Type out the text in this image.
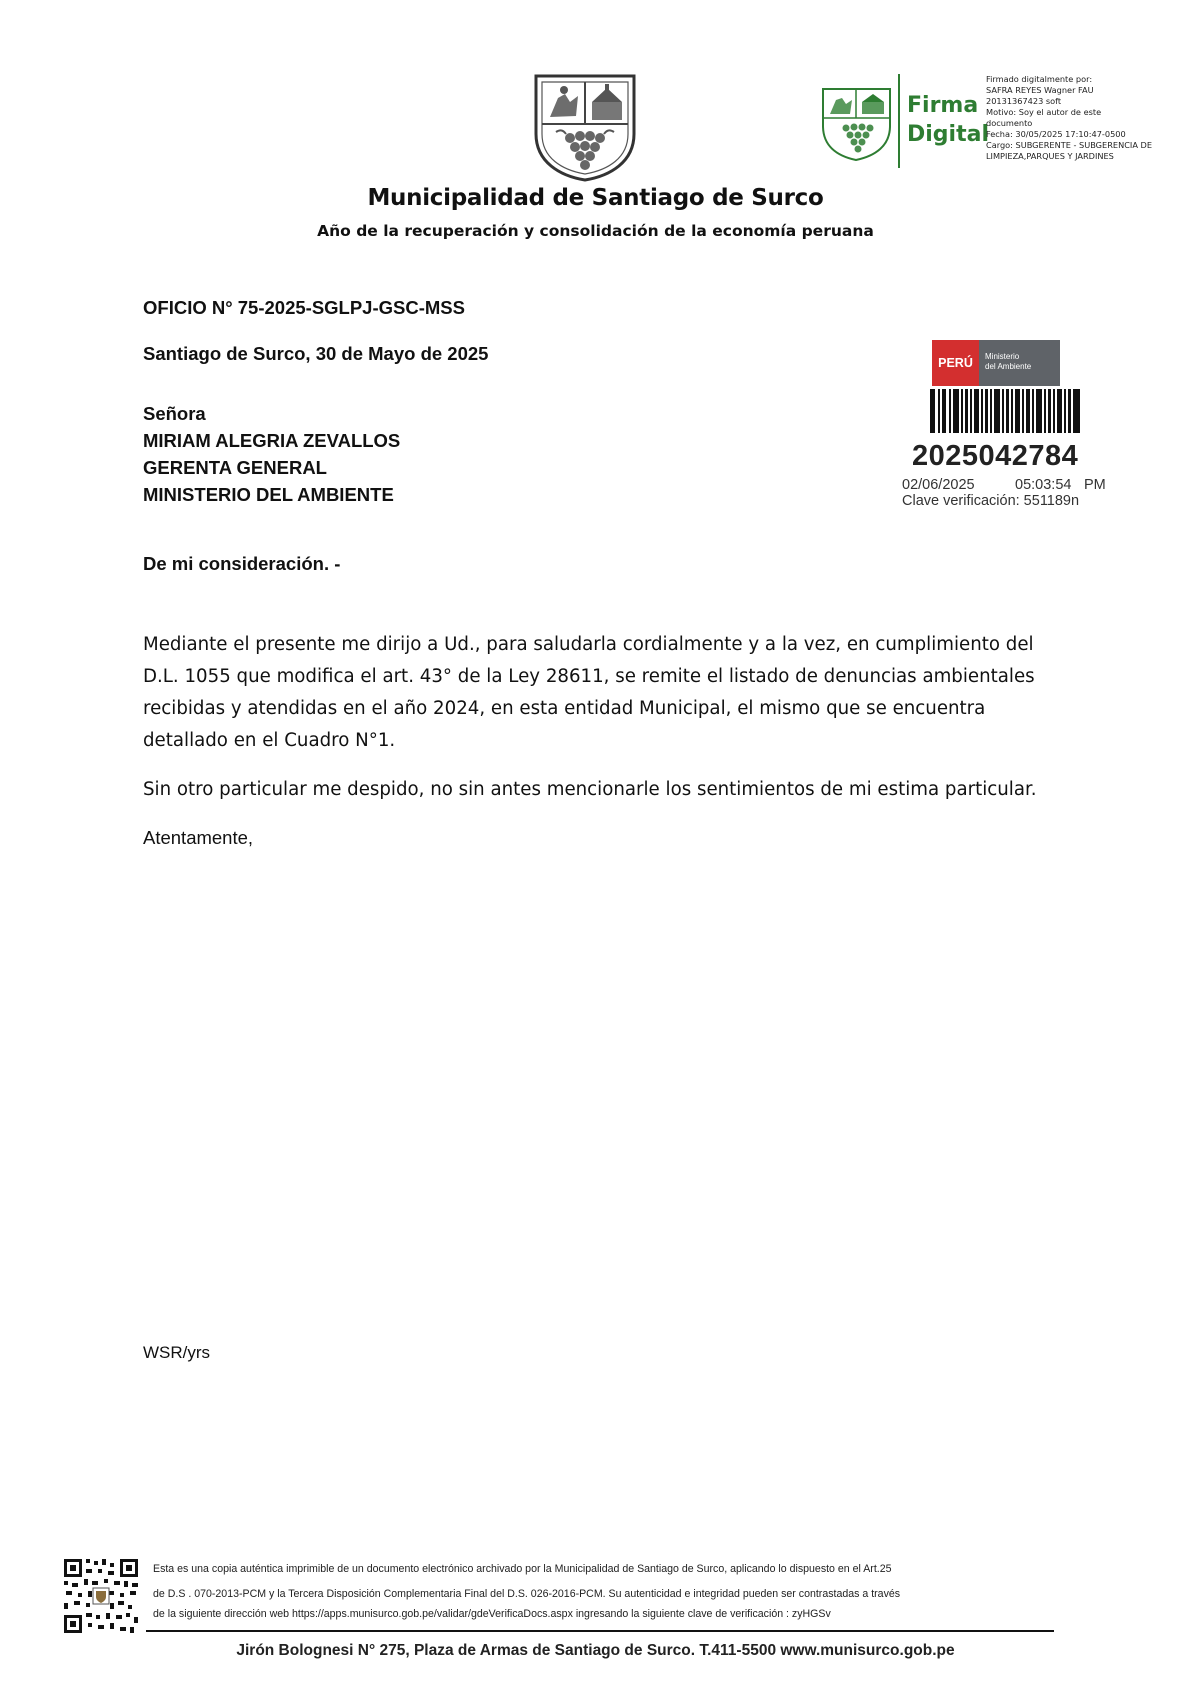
Municipalidad de Santiago de Surco
Año de la recuperación y consolidación de la economía peruana
Firma
Digital
Firmado digitalmente por:
SAFRA REYES Wagner FAU
20131367423 soft
Motivo: Soy el autor de este
documento
Fecha: 30/05/2025 17:10:47-0500
Cargo: SUBGERENTE - SUBGERENCIA DE
LIMPIEZA,PARQUES Y JARDINES
OFICIO N° 75-2025-SGLPJ-GSC-MSS
Santiago de Surco, 30 de Mayo de 2025
Señora
MIRIAM ALEGRIA ZEVALLOS
GERENTA GENERAL
MINISTERIO DEL AMBIENTE
De mi consideración. -
Mediante el presente me dirijo a Ud., para saludarla cordialmente y a la vez, en cumplimiento del
D.L. 1055 que modifica el art. 43° de la Ley 28611, se remite el listado de denuncias ambientales
recibidas y atendidas en el año 2024, en esta entidad Municipal, el mismo que se encuentra
detallado en el Cuadro N°1.
Sin otro particular me despido, no sin antes mencionarle los sentimientos de mi estima particular.
Atentamente,
WSR/yrs
PERÚ	Ministerio
del Ambiente
2025042784
02/06/2025	05:03:54 PM
Clave verificación: 551189n
Esta es una copia auténtica imprimible de un documento electrónico archivado por la Municipalidad de Santiago de Surco, aplicando lo dispuesto en el Art.25
de D.S . 070-2013-PCM y la Tercera Disposición Complementaria Final del D.S. 026-2016-PCM. Su autenticidad e integridad pueden ser contrastadas a través
de la siguiente dirección web https://apps.munisurco.gob.pe/validar/gdeVerificaDocs.aspx ingresando la siguiente clave de verificación : zyHGSv
Jirón Bolognesi N° 275, Plaza de Armas de Santiago de Surco. T.411-5500 www.munisurco.gob.pe
